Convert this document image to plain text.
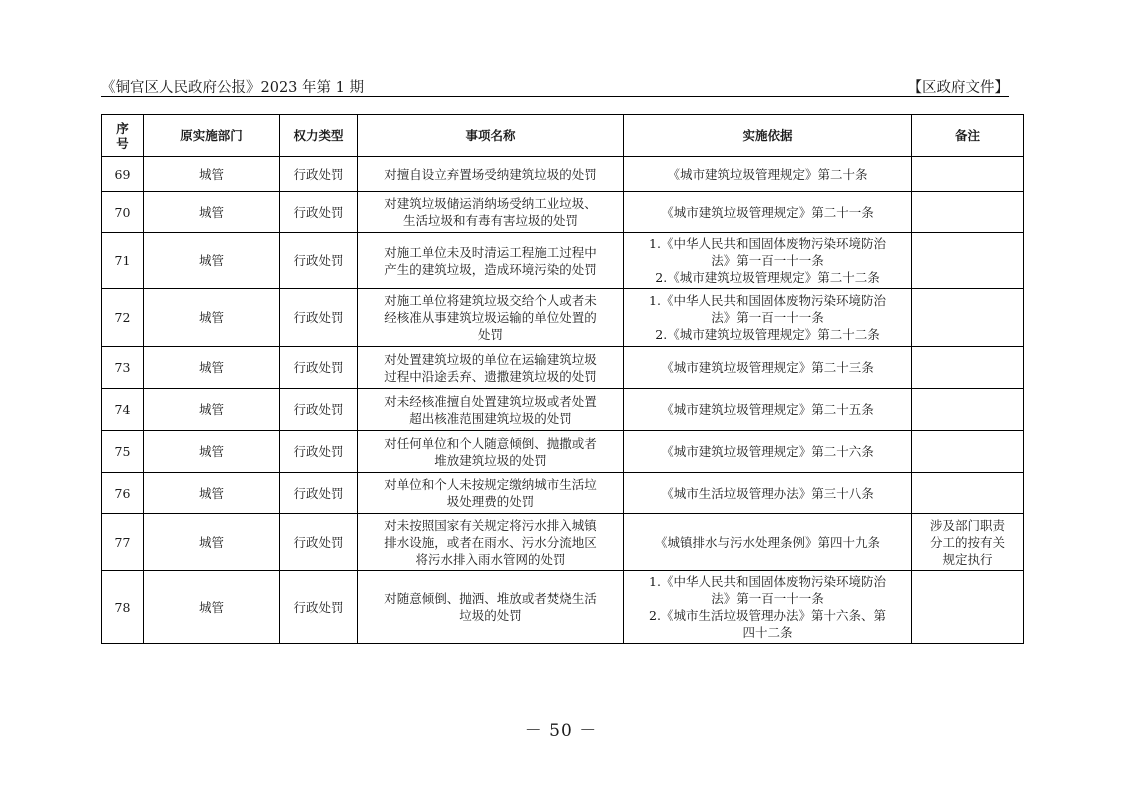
《铜官区人民政府公报》2023 年第 1 期	【区政府文件】
序
号	原实施部门	权力类型	事项名称	实施依据	备注
69	城管	行政处罚	对擅自设立弃置场受纳建筑垃圾的处罚	《城市建筑垃圾管理规定》第二十条	

70	城管	行政处罚	对建筑垃圾储运消纳场受纳工业垃圾、
生活垃圾和有毒有害垃圾的处罚	《城市建筑垃圾管理规定》第二十一条	

71	城管	行政处罚	对施工单位未及时清运工程施工过程中
产生的建筑垃圾，造成环境污染的处罚	1.《中华人民共和国固体废物污染环境防治
法》第一百一十一条
2.《城市建筑垃圾管理规定》第二十二条	

72	城管	行政处罚	对施工单位将建筑垃圾交给个人或者未
经核准从事建筑垃圾运输的单位处置的
处罚	1.《中华人民共和国固体废物污染环境防治
法》第一百一十一条
2.《城市建筑垃圾管理规定》第二十二条	

73	城管	行政处罚	对处置建筑垃圾的单位在运输建筑垃圾
过程中沿途丢弃、遗撒建筑垃圾的处罚	《城市建筑垃圾管理规定》第二十三条	

74	城管	行政处罚	对未经核准擅自处置建筑垃圾或者处置
超出核准范围建筑垃圾的处罚	《城市建筑垃圾管理规定》第二十五条	

75	城管	行政处罚	对任何单位和个人随意倾倒、抛撒或者
堆放建筑垃圾的处罚	《城市建筑垃圾管理规定》第二十六条	

76	城管	行政处罚	对单位和个人未按规定缴纳城市生活垃
圾处理费的处罚	《城市生活垃圾管理办法》第三十八条	

77	城管	行政处罚	对未按照国家有关规定将污水排入城镇
排水设施，或者在雨水、污水分流地区
将污水排入雨水管网的处罚	《城镇排水与污水处理条例》第四十九条	涉及部门职责
分工的按有关
规定执行

78	城管	行政处罚	对随意倾倒、抛洒、堆放或者焚烧生活
垃圾的处罚	1.《中华人民共和国固体废物污染环境防治
法》第一百一十一条
2.《城市生活垃圾管理办法》第十六条、第
四十二条	

－ 50 －
